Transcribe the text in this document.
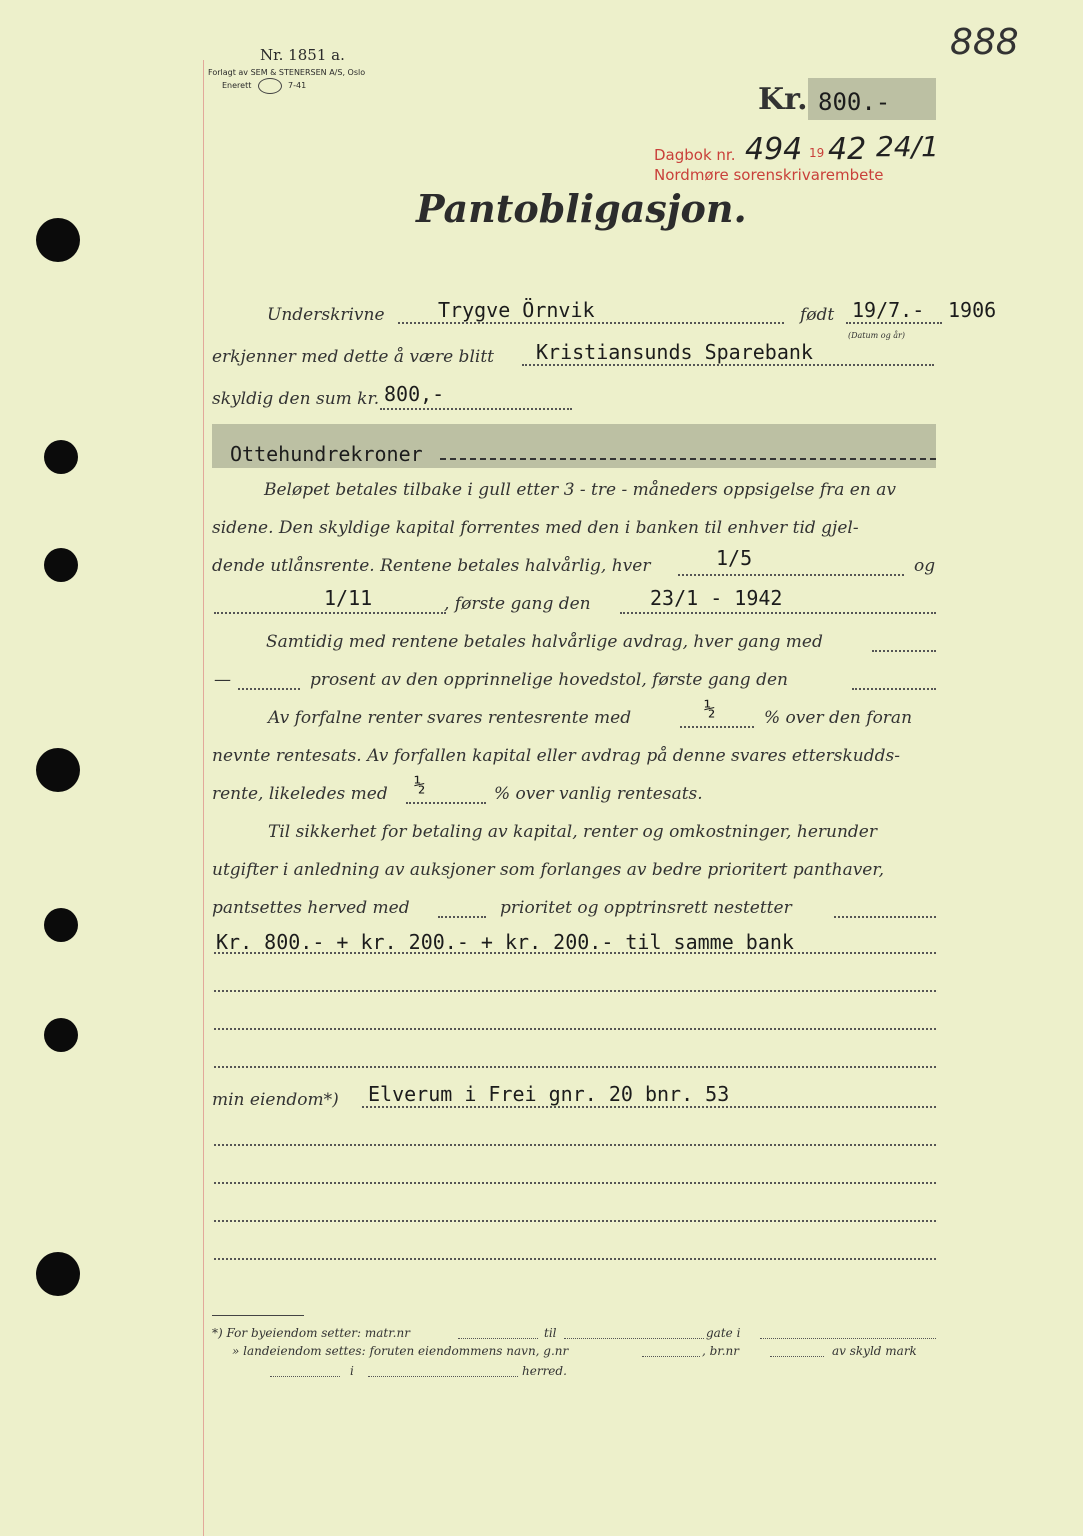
888
Nr. 1851 a.
Forlagt av SEM & STENERSEN A/S, Oslo
Enerett	7-41	Kr. 800.-
Dagbok nr. 494 19 42 24/1
Nordmøre sorenskrivarembete
Pantobligasjon.
Underskrivne	Trygve Örnvik	født 19/7.- 1906
(Datum og år)
erkjenner med dette å være blitt Kristiansunds Sparebank
skyldig den sum kr. 800,-
Ottehundrekroner
Beløpet betales tilbake i gull etter 3 - tre - måneders oppsigelse fra en av
sidene. Den skyldige kapital forrentes med den i banken til enhver tid gjel-
dende utlånsrente. Rentene betales halvårlig, hver	1/5	og
1/11	, første gang den	23/1 - 1942
Samtidig med rentene betales halvårlige avdrag, hver gang med
—	prosent av den opprinnelige hovedstol, første gang den
Av forfalne renter svares rentesrente med	½	% over den foran
nevnte rentesats. Av forfallen kapital eller avdrag på denne svares etterskudds-
rente, likeledes med ½	% over vanlig rentesats.
Til sikkerhet for betaling av kapital, renter og omkostninger, herunder
utgifter i anledning av auksjoner som forlanges av bedre prioritert panthaver,
pantsettes herved med	prioritet og opptrinsrett nestetter
Kr. 800.- + kr. 200.- + kr. 200.- til samme bank
min eiendom*) Elverum i Frei gnr. 20 bnr. 53
*) For byeiendom setter: matr.nr	til	gate i
» landeiendom settes: foruten eiendommens navn, g.nr	, br.nr	av skyld mark
i	herred.
